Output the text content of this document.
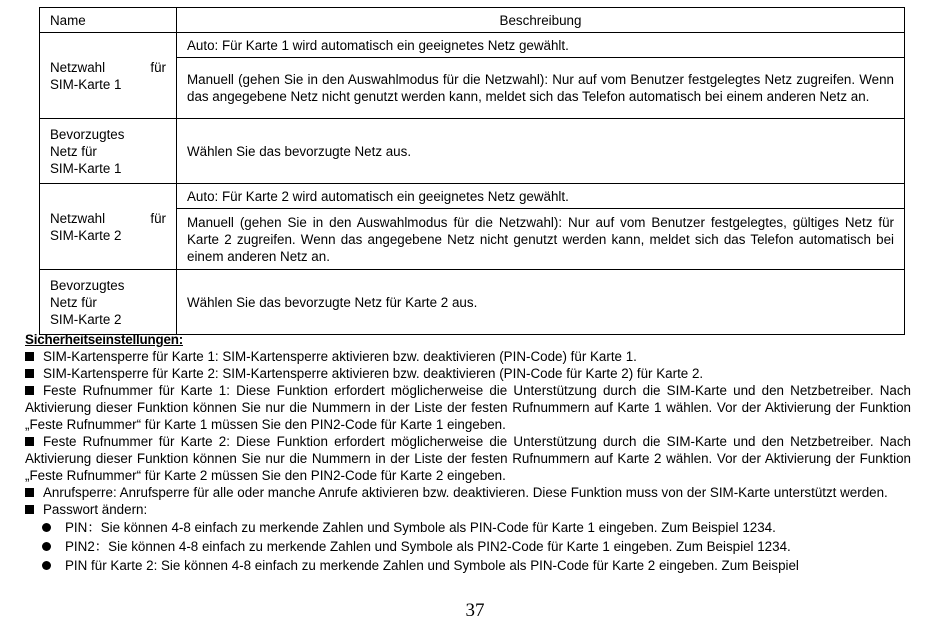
Name	Beschreibung

Netzwahl für
SIM-Karte 1	Auto: Für Karte 1 wird automatisch ein geeignetes Netz gewählt.
	Manuell (gehen Sie in den Auswahlmodus für die Netzwahl): Nur auf vom Benutzer festgelegtes Netz zugreifen. Wenn das angegebene Netz nicht genutzt werden kann, meldet sich das Telefon automatisch bei einem anderen Netz an.

Bevorzugtes
Netz für
SIM-Karte 1	Wählen Sie das bevorzugte Netz aus.

Netzwahl für
SIM-Karte 2	Auto: Für Karte 2 wird automatisch ein geeignetes Netz gewählt.
	Manuell (gehen Sie in den Auswahlmodus für die Netzwahl): Nur auf vom Benutzer festgelegtes, gültiges Netz für Karte 2 zugreifen. Wenn das angegebene Netz nicht genutzt werden kann, meldet sich das Telefon automatisch bei einem anderen Netz an.

Bevorzugtes
Netz für
SIM-Karte 2	Wählen Sie das bevorzugte Netz für Karte 2 aus.
Sicherheitseinstellungen:

SIM-Kartensperre für Karte 1: SIM-Kartensperre aktivieren bzw. deaktivieren (PIN-Code) für Karte 1.

SIM-Kartensperre für Karte 2: SIM-Kartensperre aktivieren bzw. deaktivieren (PIN-Code für Karte 2) für Karte 2.

Feste Rufnummer für Karte 1: Diese Funktion erfordert möglicherweise die Unterstützung durch die SIM-Karte und den Netzbetreiber. Nach Aktivierung dieser Funktion können Sie nur die Nummern in der Liste der festen Rufnummern auf Karte 1 wählen. Vor der Aktivierung der Funktion „Feste Rufnummer“ für Karte 1 müssen Sie den PIN2-Code für Karte 1 eingeben.

Feste Rufnummer für Karte 2: Diese Funktion erfordert möglicherweise die Unterstützung durch die SIM-Karte und den Netzbetreiber. Nach Aktivierung dieser Funktion können Sie nur die Nummern in der Liste der festen Rufnummern auf Karte 2 wählen. Vor der Aktivierung der Funktion „Feste Rufnummer“ für Karte 2 müssen Sie den PIN2-Code für Karte 2 eingeben.

Anrufsperre: Anrufsperre für alle oder manche Anrufe aktivieren bzw. deaktivieren. Diese Funktion muss von der SIM-Karte unterstützt werden.

Passwort ändern:

PIN：Sie können 4-8 einfach zu merkende Zahlen und Symbole als PIN-Code für Karte 1 eingeben. Zum Beispiel 1234.

PIN2：Sie können 4-8 einfach zu merkende Zahlen und Symbole als PIN2-Code für Karte 1 eingeben. Zum Beispiel 1234.

PIN für Karte 2: Sie können 4-8 einfach zu merkende Zahlen und Symbole als PIN-Code für Karte 2 eingeben. Zum Beispiel

37
